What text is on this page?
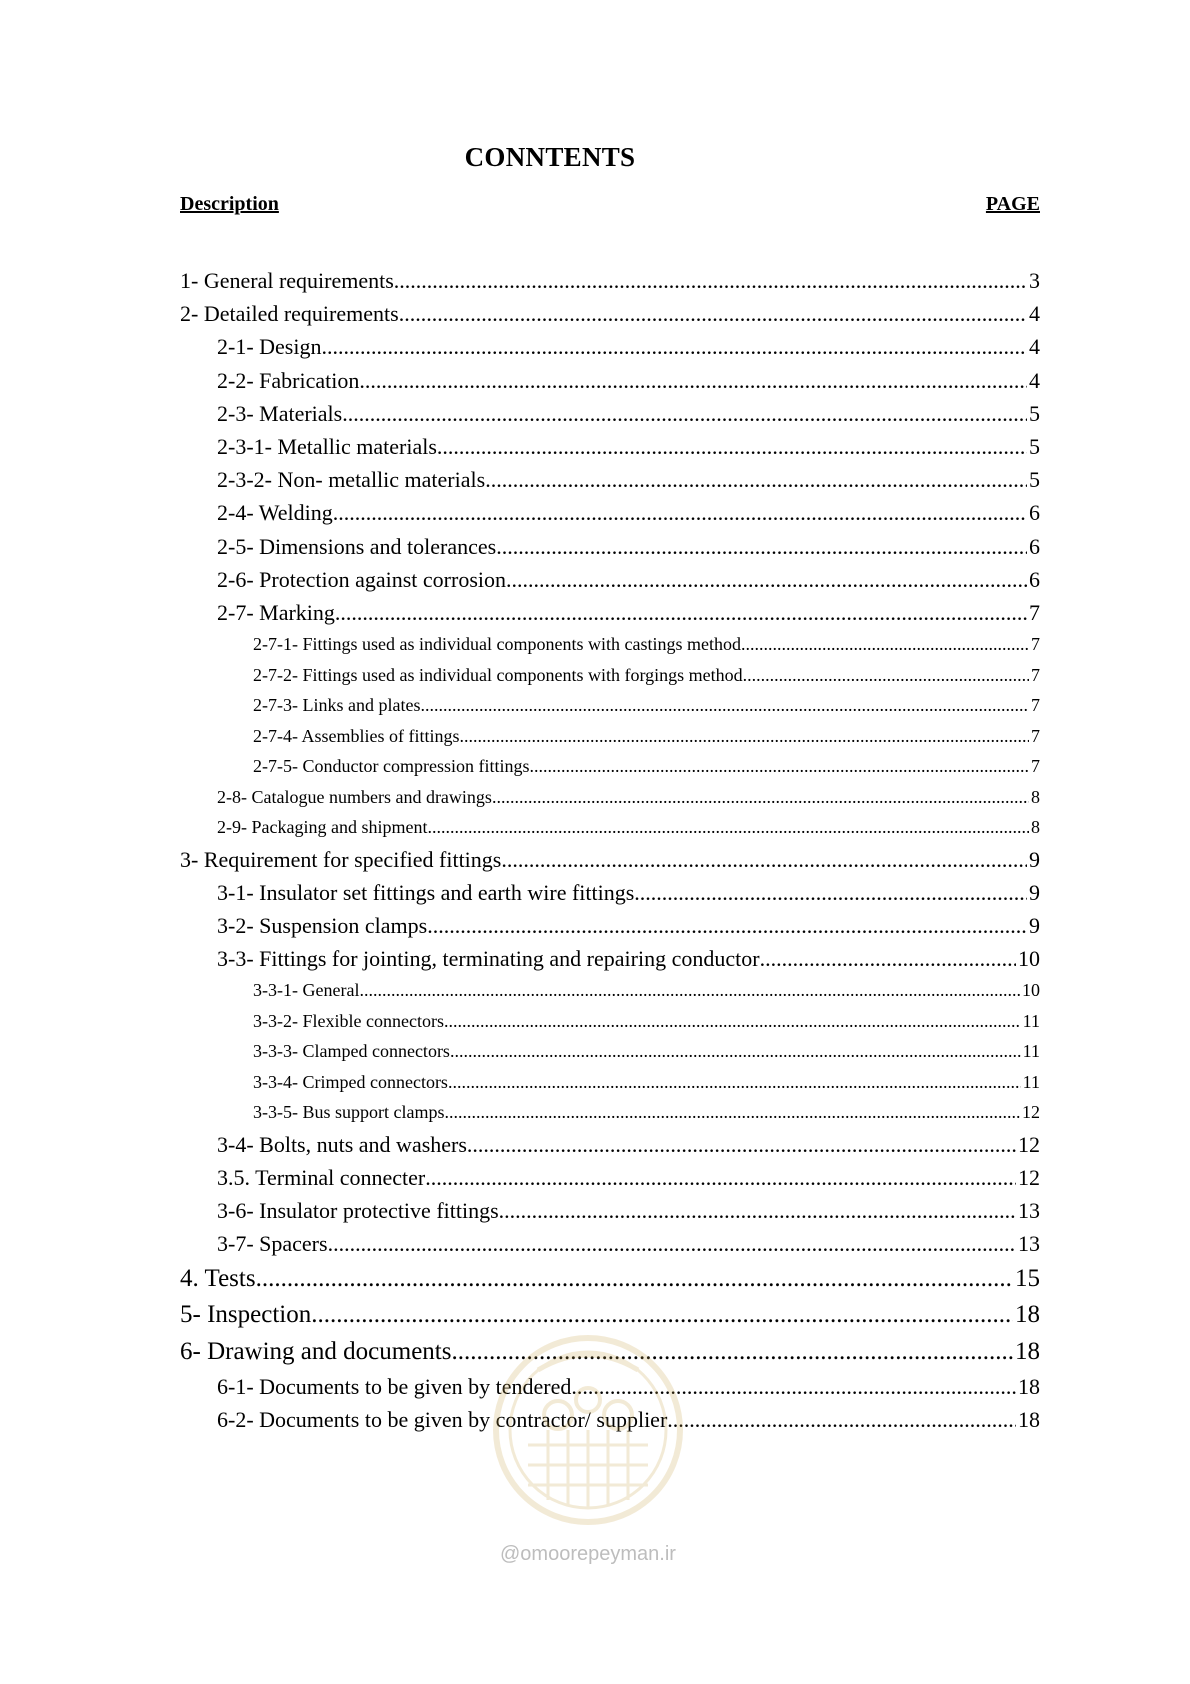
CONNTENTS
Description	PAGE
1- General requirements .....	3
2- Detailed requirements .....	4
2-1- Design .....	4
2-2- Fabrication .....	4
2-3- Materials .....	5
2-3-1- Metallic materials .....	5
2-3-2- Non- metallic materials .....	5
2-4- Welding .....	6
2-5- Dimensions and tolerances .....	6
2-6- Protection against corrosion .....	6
2-7- Marking .....	7
2-7-1- Fittings used as individual components with castings method .....	7
2-7-2- Fittings used as individual components with forgings method .....	7
2-7-3- Links and plates .....	7
2-7-4- Assemblies of fittings .....	7
2-7-5- Conductor compression fittings .....	7
2-8- Catalogue numbers and drawings .....	8
2-9- Packaging and shipment .....	8
3- Requirement for specified fittings .....	9
3-1- Insulator set fittings and earth wire fittings .....	9
3-2- Suspension clamps .....	9
3-3- Fittings for jointing, terminating and repairing conductor .....	10
3-3-1- General .....	10
3-3-2- Flexible connectors .....	11
3-3-3- Clamped connectors .....	11
3-3-4- Crimped connectors .....	11
3-3-5- Bus support clamps .....	12
3-4- Bolts, nuts and washers .....	12
3.5. Terminal connecter .....	12
3-6- Insulator protective fittings .....	13
3-7- Spacers .....	13
4. Tests .....	15
5- Inspection .....	18
6- Drawing and documents .....	18
6-1- Documents to be given by tendered .....	18
6-2- Documents to be given by contractor/ supplier .....	18
@omoorepeyman.ir
